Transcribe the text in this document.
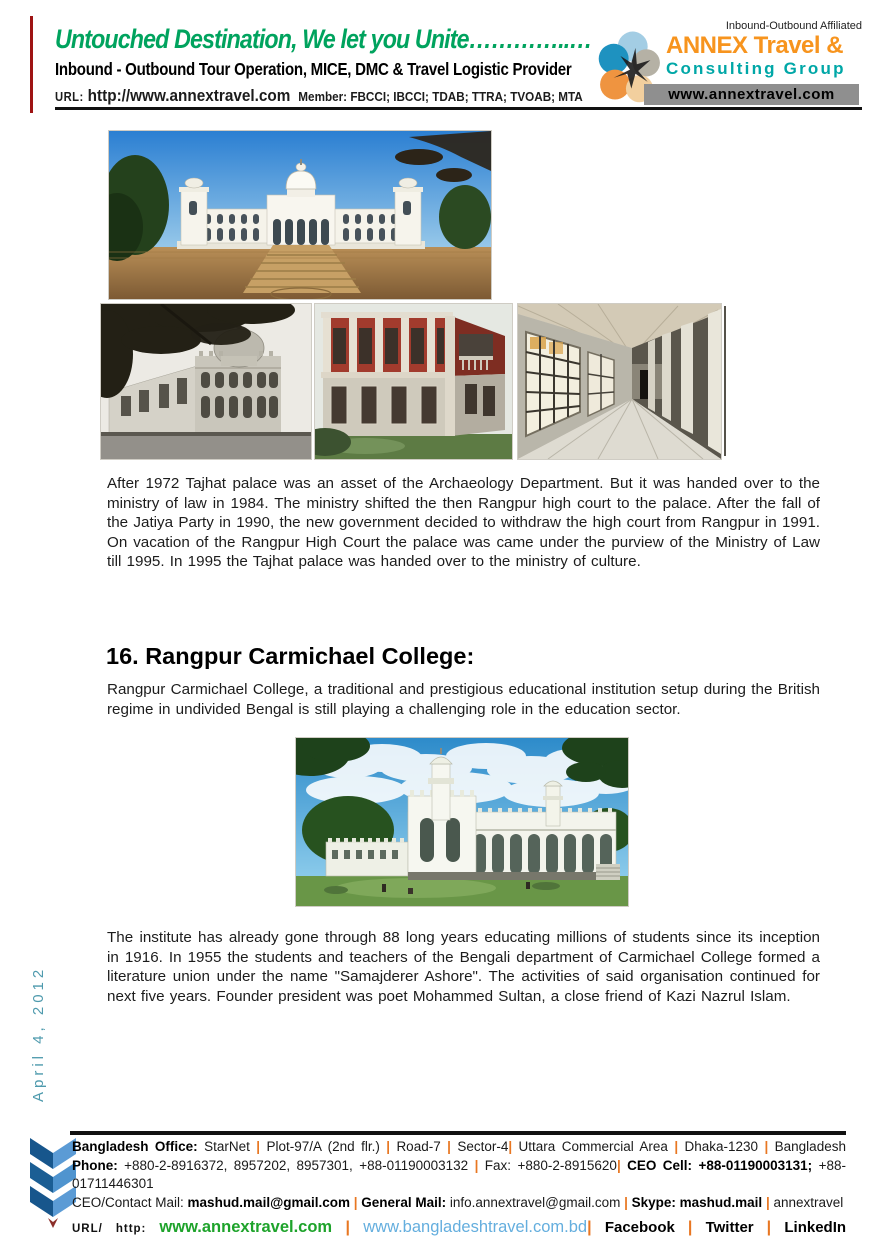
Untouched Destination, We let you Unite…………..…
Inbound - Outbound Tour Operation, MICE, DMC & Travel Logistic Provider
URL: http://www.annextravel.com Member: FBCCI; IBCCI; TDAB; TTRA; TVOAB; MTA
Inbound-Outbound Affiliated
ANNEX Travel &
Consulting Group
www.annextravel.com
After 1972 Tajhat palace was an asset of the Archaeology Department. But it was handed over to the ministry of law in 1984. The ministry shifted the then Rangpur high court to the palace. After the fall of the Jatiya Party in 1990, the new government decided to withdraw the high court from Rangpur in 1991. On vacation of the Rangpur High Court the palace was came under the purview of the Ministry of Law till 1995. In 1995 the Tajhat palace was handed over to the ministry of culture.
16. Rangpur Carmichael College:
Rangpur Carmichael College, a traditional and prestigious educational institution setup during the British regime in undivided Bengal is still playing a challenging role in the education sector.
The institute has already gone through 88 long years educating millions of students since its inception in 1916. In 1955 the students and teachers of the Bengali department of Carmichael College formed a literature union under the name "Samajderer Ashore". The activities of said organisation continued for next five years. Founder president was poet Mohammed Sultan, a close friend of Kazi Nazrul Islam.
April 4, 2012
Bangladesh Office: StarNet | Plot-97/A (2nd flr.) | Road-7 | Sector-4| Uttara Commercial Area | Dhaka-1230 | Bangladesh
Phone: +880-2-8916372, 8957202, 8957301, +88-01190003132 | Fax: +880-2-8915620| CEO Cell: +88-01190003131; +88-01711446301
CEO/Contact Mail: mashud.mail@gmail.com | General Mail: info.annextravel@gmail.com | Skype: mashud.mail | annextravel
URL/ http: www.annextravel.com | www.bangladeshtravel.com.bd| Facebook | Twitter | LinkedIn
